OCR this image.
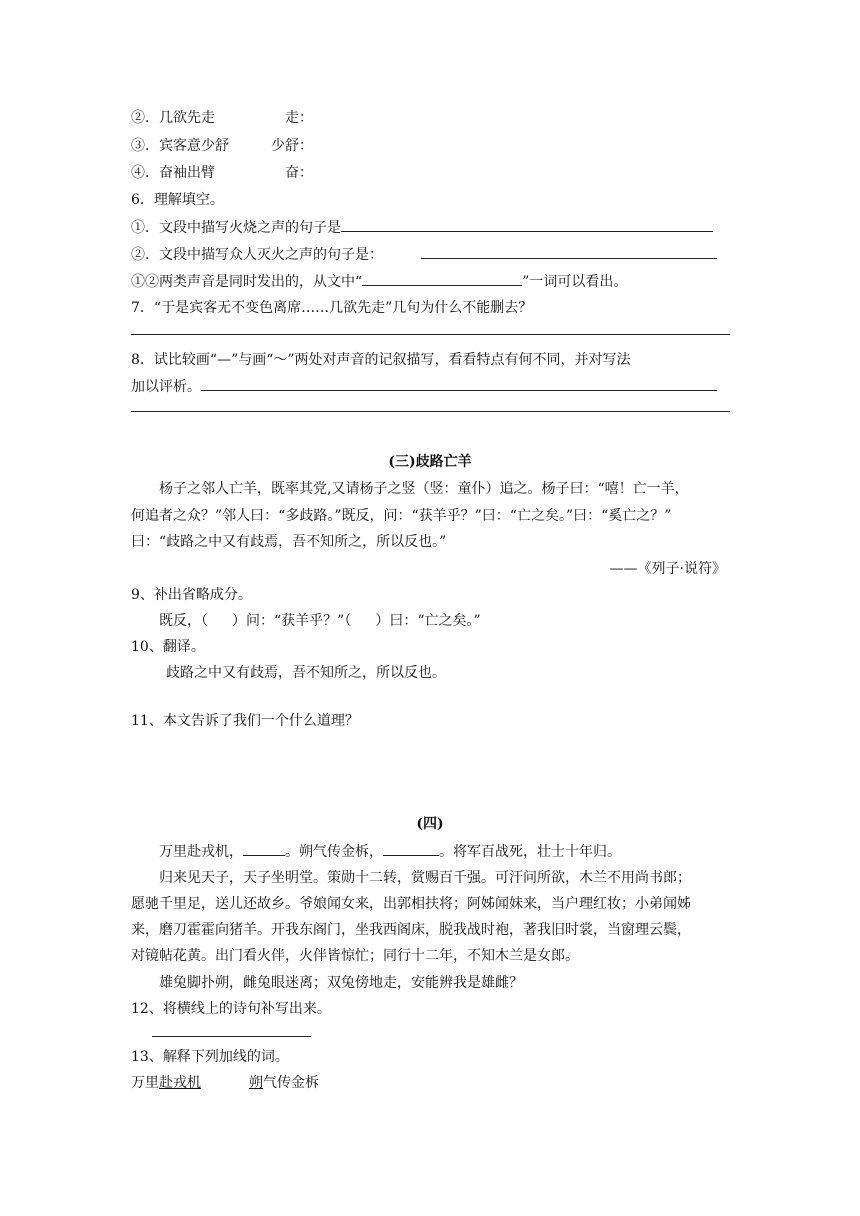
②．几欲先走	走：
③．宾客意少舒	少舒：
④．奋袖出臂	奋：
6．理解填空。
①．文段中描写火烧之声的句子是
②．文段中描写众人灭火之声的句子是：
①②两类声音是同时发出的，从文中“	”一词可以看出。
7．“于是宾客无不变色离席……几欲先走”几句为什么不能删去？
8．试比较画“—”与画“～”两处对声音的记叙描写，看看特点有何不同，并对写法
加以评析。
(三)歧路亡羊
杨子之邻人亡羊，既率其党,又请杨子之竖（竖：童仆）追之。杨子曰：“嘻！亡一羊，
何追者之众？”邻人曰：“多歧路。”既反，问：“获羊乎？”曰：“亡之矣。”曰：“奚亡之？”
曰：“歧路之中又有歧焉，吾不知所之，所以反也。”
——《列子·说符》
9、补出省略成分。
既反，（ ）问：“获羊乎？”（ ）曰：“亡之矣。”
10、翻译。
歧路之中又有歧焉，吾不知所之，所以反也。
11、本文告诉了我们一个什么道理？
(四)
万里赴戎机，	。朔气传金柝，	。将军百战死，壮士十年归。
归来见天子，天子坐明堂。策勋十二转，赏赐百千强。可汗问所欲，木兰不用尚书郎；
愿驰千里足，送儿还故乡。爷娘闻女来，出郭相扶将；阿姊闻妹来，当户理红妆；小弟闻姊
来，磨刀霍霍向猪羊。开我东阁门，坐我西阁床，脱我战时袍，著我旧时裳，当窗理云鬓，
对镜帖花黄。出门看火伴，火伴皆惊忙；同行十二年，不知木兰是女郎。
雄兔脚扑朔，雌兔眼迷离；双兔傍地走，安能辨我是雄雌？
12、将横线上的诗句补写出来。
13、解释下列加线的词。
万里赴戎机	朔气传金柝
